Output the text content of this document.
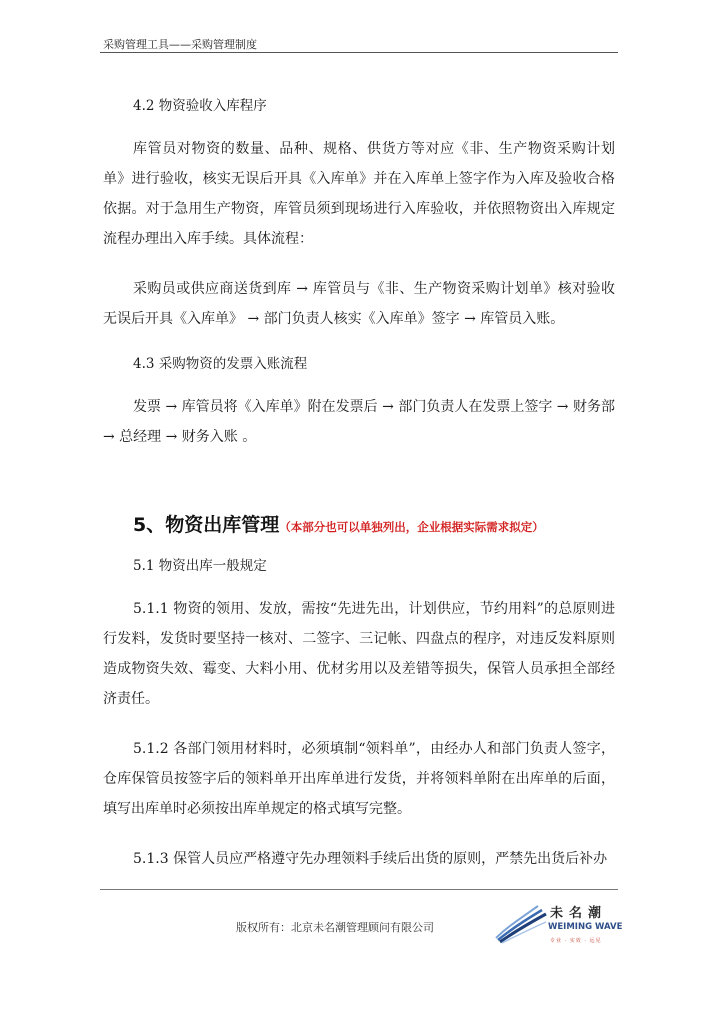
采购管理工具——采购管理制度
4.2 物资验收入库程序

库管员对物资的数量、品种、规格、供货方等对应《非、生产物资采购计划单》进行验收，核实无误后开具《入库单》并在入库单上签字作为入库及验收合格依据。对于急用生产物资，库管员须到现场进行入库验收，并依照物资出入库规定流程办理出入库手续。具体流程：

采购员或供应商送货到库 → 库管员与《非、生产物资采购计划单》核对验收无误后开具《入库单》 → 部门负责人核实《入库单》签字 → 库管员入账。

4.3 采购物资的发票入账流程

发票 → 库管员将《入库单》附在发票后 → 部门负责人在发票上签字 → 财务部 → 总经理 → 财务入账 。

5、物资出库管理（本部分也可以单独列出，企业根据实际需求拟定）
5.1 物资出库一般规定

5.1.1 物资的领用、发放，需按“先进先出，计划供应，节约用料”的总原则进行发料，发货时要坚持一核对、二签字、三记帐、四盘点的程序，对违反发料原则造成物资失效、霉变、大料小用、优材劣用以及差错等损失，保管人员承担全部经济责任。

5.1.2 各部门领用材料时，必须填制“领料单”，由经办人和部门负责人签字，仓库保管员按签字后的领料单开出库单进行发货，并将领料单附在出库单的后面，填写出库单时必须按出库单规定的格式填写完整。

5.1.3 保管人员应严格遵守先办理领料手续后出货的原则，严禁先出货后补办

版权所有：北京未名潮管理顾问有限公司
未名潮
WEIMING WAVE
专业 · 实效 · 远见
